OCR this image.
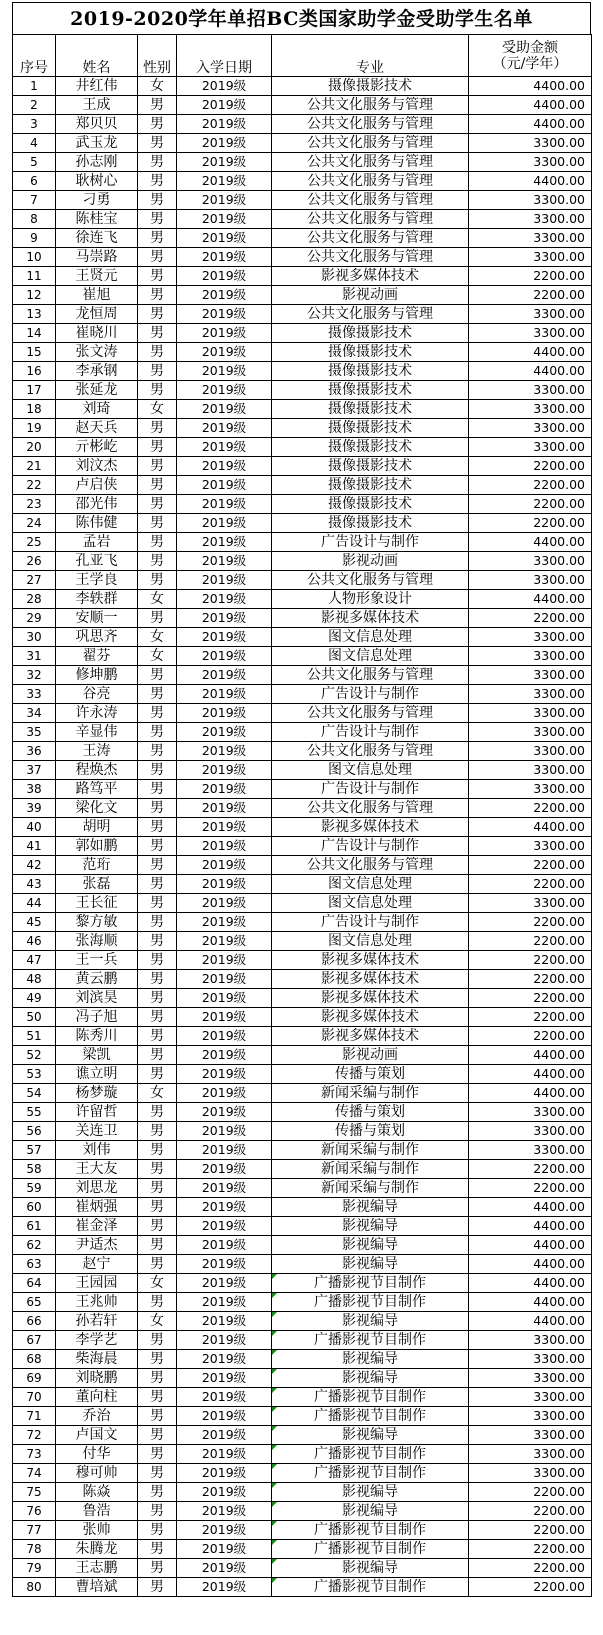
2019-2020学年单招BC类国家助学金受助学生名单
序号	姓名	性别	入学日期	专业	受助金额
（元/学年）

1	井红伟	女	2019级	摄像摄影技术	4400.00
2	王成	男	2019级	公共文化服务与管理	4400.00
3	郑贝贝	男	2019级	公共文化服务与管理	4400.00
4	武玉龙	男	2019级	公共文化服务与管理	3300.00
5	孙志刚	男	2019级	公共文化服务与管理	3300.00
6	耿树心	男	2019级	公共文化服务与管理	4400.00
7	刁勇	男	2019级	公共文化服务与管理	3300.00
8	陈桂宝	男	2019级	公共文化服务与管理	3300.00
9	徐连飞	男	2019级	公共文化服务与管理	3300.00
10	马崇路	男	2019级	公共文化服务与管理	3300.00
11	王贤元	男	2019级	影视多媒体技术	2200.00
12	崔旭	男	2019级	影视动画	2200.00
13	龙恒周	男	2019级	公共文化服务与管理	3300.00
14	崔晓川	男	2019级	摄像摄影技术	3300.00
15	张文涛	男	2019级	摄像摄影技术	4400.00
16	李承钢	男	2019级	摄像摄影技术	4400.00
17	张延龙	男	2019级	摄像摄影技术	3300.00
18	刘琦	女	2019级	摄像摄影技术	3300.00
19	赵天兵	男	2019级	摄像摄影技术	3300.00
20	亓彬屹	男	2019级	摄像摄影技术	3300.00
21	刘汶杰	男	2019级	摄像摄影技术	2200.00
22	卢启侠	男	2019级	摄像摄影技术	2200.00
23	邵光伟	男	2019级	摄像摄影技术	2200.00
24	陈伟健	男	2019级	摄像摄影技术	2200.00
25	孟岩	男	2019级	广告设计与制作	4400.00
26	孔亚飞	男	2019级	影视动画	3300.00
27	王学良	男	2019级	公共文化服务与管理	3300.00
28	李轶群	女	2019级	人物形象设计	4400.00
29	安顺一	男	2019级	影视多媒体技术	2200.00
30	巩思齐	女	2019级	图文信息处理	3300.00
31	翟芬	女	2019级	图文信息处理	3300.00
32	修坤鹏	男	2019级	公共文化服务与管理	3300.00
33	谷亮	男	2019级	广告设计与制作	3300.00
34	许永涛	男	2019级	公共文化服务与管理	3300.00
35	辛显伟	男	2019级	广告设计与制作	3300.00
36	王涛	男	2019级	公共文化服务与管理	3300.00
37	程焕杰	男	2019级	图文信息处理	3300.00
38	路笃平	男	2019级	广告设计与制作	3300.00
39	梁化文	男	2019级	公共文化服务与管理	2200.00
40	胡明	男	2019级	影视多媒体技术	4400.00
41	郭如鹏	男	2019级	广告设计与制作	3300.00
42	范珩	男	2019级	公共文化服务与管理	2200.00
43	张磊	男	2019级	图文信息处理	2200.00
44	王长征	男	2019级	图文信息处理	3300.00
45	黎方敏	男	2019级	广告设计与制作	2200.00
46	张海顺	男	2019级	图文信息处理	2200.00
47	王一兵	男	2019级	影视多媒体技术	2200.00
48	黄云鹏	男	2019级	影视多媒体技术	2200.00
49	刘滨昊	男	2019级	影视多媒体技术	2200.00
50	冯子旭	男	2019级	影视多媒体技术	2200.00
51	陈秀川	男	2019级	影视多媒体技术	2200.00
52	梁凯	男	2019级	影视动画	4400.00
53	谯立明	男	2019级	传播与策划	4400.00
54	杨梦璇	女	2019级	新闻采编与制作	4400.00
55	许留哲	男	2019级	传播与策划	3300.00
56	关连卫	男	2019级	传播与策划	3300.00
57	刘伟	男	2019级	新闻采编与制作	3300.00
58	王大友	男	2019级	新闻采编与制作	2200.00
59	刘思龙	男	2019级	新闻采编与制作	2200.00
60	崔炳强	男	2019级	影视编导	4400.00
61	崔金泽	男	2019级	影视编导	4400.00
62	尹适杰	男	2019级	影视编导	4400.00
63	赵宁	男	2019级	影视编导	4400.00
64	王园园	女	2019级	广播影视节目制作	4400.00
65	王兆帅	男	2019级	广播影视节目制作	4400.00
66	孙若轩	女	2019级	影视编导	4400.00
67	李学艺	男	2019级	广播影视节目制作	3300.00
68	柴海晨	男	2019级	影视编导	3300.00
69	刘晓鹏	男	2019级	影视编导	3300.00
70	董向柱	男	2019级	广播影视节目制作	3300.00
71	乔治	男	2019级	广播影视节目制作	3300.00
72	卢国文	男	2019级	影视编导	3300.00
73	付华	男	2019级	广播影视节目制作	3300.00
74	穆可帅	男	2019级	广播影视节目制作	3300.00
75	陈焱	男	2019级	影视编导	2200.00
76	鲁浩	男	2019级	影视编导	2200.00
77	张帅	男	2019级	广播影视节目制作	2200.00
78	朱腾龙	男	2019级	广播影视节目制作	2200.00
79	王志鹏	男	2019级	影视编导	2200.00
80	曹培斌	男	2019级	广播影视节目制作	2200.00
